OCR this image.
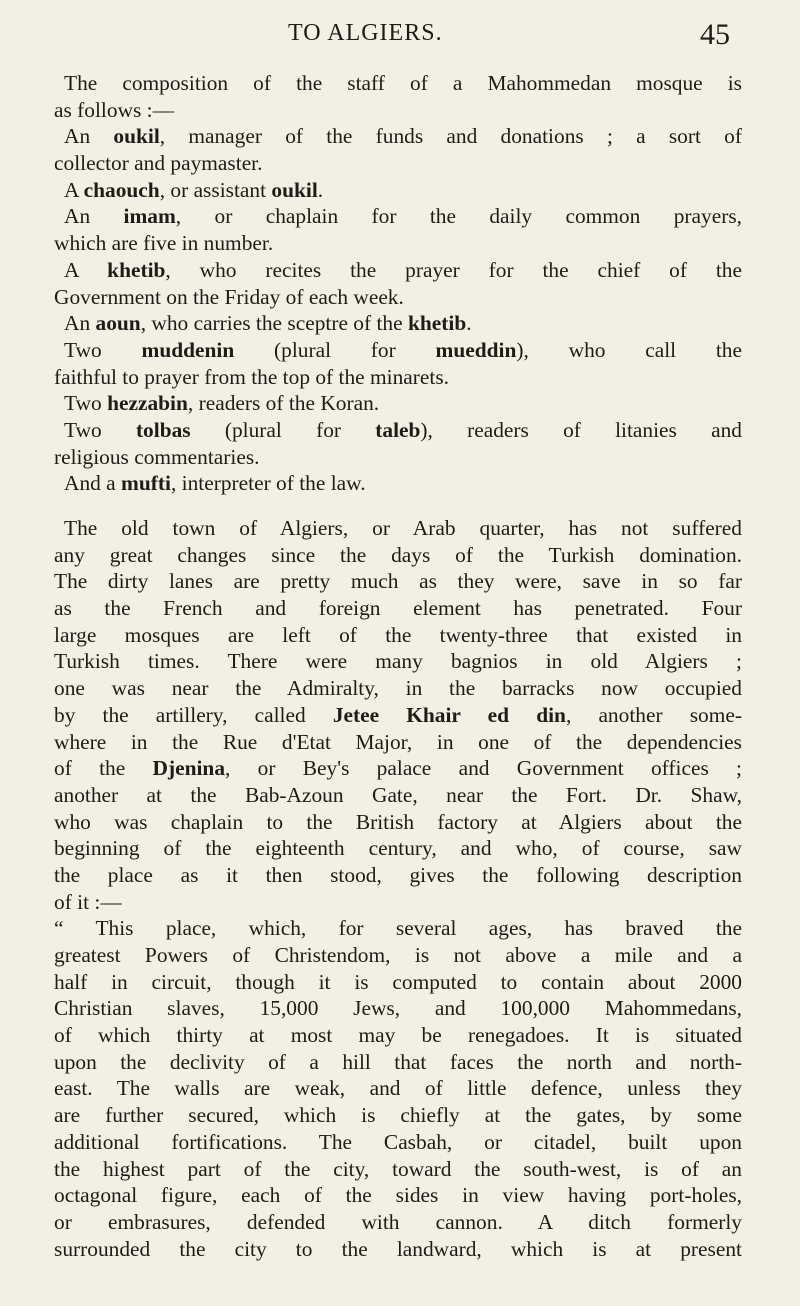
TO ALGIERS.	45
The composition of the staff of a Mahommedan mosque is
as follows :—
An oukil, manager of the funds and donations ; a sort of
collector and paymaster.
A chaouch, or assistant oukil.
An imam, or chaplain for the daily common prayers,
which are five in number.
A khetib, who recites the prayer for the chief of the
Government on the Friday of each week.
An aoun, who carries the sceptre of the khetib.
Two muddenin (plural for mueddin), who call the
faithful to prayer from the top of the minarets.
Two hezzabin, readers of the Koran.
Two tolbas (plural for taleb), readers of litanies and
religious commentaries.
And a mufti, interpreter of the law.
The old town of Algiers, or Arab quarter, has not suffered
any great changes since the days of the Turkish domination.
The dirty lanes are pretty much as they were, save in so far
as the French and foreign element has penetrated. Four
large mosques are left of the twenty-three that existed in
Turkish times. There were many bagnios in old Algiers ;
one was near the Admiralty, in the barracks now occupied
by the artillery, called Jetee Khair ed din, another some-
where in the Rue d'Etat Major, in one of the dependencies
of the Djenina, or Bey's palace and Government offices ;
another at the Bab-Azoun Gate, near the Fort. Dr. Shaw,
who was chaplain to the British factory at Algiers about the
beginning of the eighteenth century, and who, of course, saw
the place as it then stood, gives the following description
of it :—
“ This place, which, for several ages, has braved the
greatest Powers of Christendom, is not above a mile and a
half in circuit, though it is computed to contain about 2000
Christian slaves, 15,000 Jews, and 100,000 Mahommedans,
of which thirty at most may be renegadoes. It is situated
upon the declivity of a hill that faces the north and north-
east. The walls are weak, and of little defence, unless they
are further secured, which is chiefly at the gates, by some
additional fortifications. The Casbah, or citadel, built upon
the highest part of the city, toward the south-west, is of an
octagonal figure, each of the sides in view having port-holes,
or embrasures, defended with cannon. A ditch formerly
surrounded the city to the landward, which is at present
